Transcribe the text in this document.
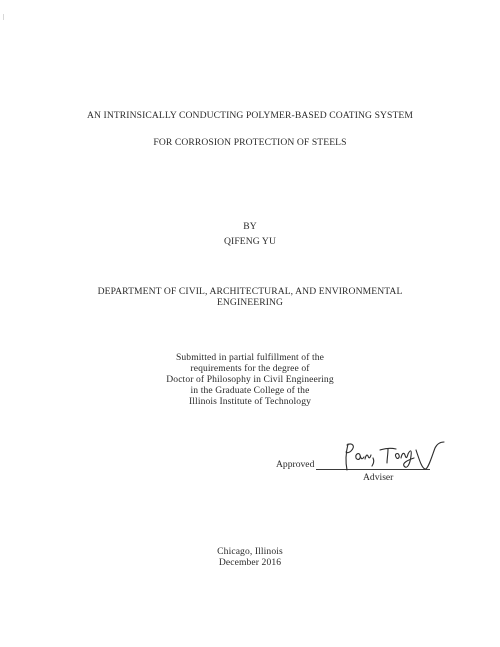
AN INTRINSICALLY CONDUCTING POLYMER-BASED COATING SYSTEM
FOR CORROSION PROTECTION OF STEELS
BY
QIFENG YU
DEPARTMENT OF CIVIL, ARCHITECTURAL, AND ENVIRONMENTAL
ENGINEERING
Submitted in partial fulfillment of the
requirements for the degree of
Doctor of Philosophy in Civil Engineering
in the Graduate College of the
Illinois Institute of Technology
Approved
Adviser
Chicago, Illinois
December 2016
